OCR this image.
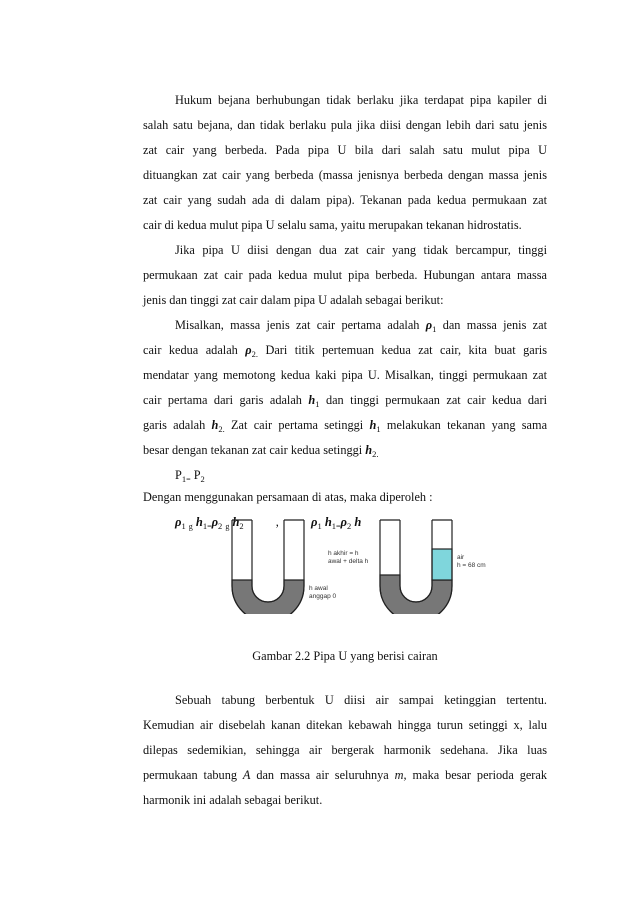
Hukum bejana berhubungan tidak berlaku jika terdapat pipa kapiler di
salah satu bejana, dan tidak berlaku pula jika diisi dengan lebih dari satu jenis
zat cair yang berbeda. Pada pipa U bila dari salah satu mulut pipa U
dituangkan zat cair yang berbeda (massa jenisnya berbeda dengan massa jenis
zat cair yang sudah ada di dalam pipa). Tekanan pada kedua permukaan zat
cair di kedua mulut pipa U selalu sama, yaitu merupakan tekanan hidrostatis.
Jika pipa U diisi dengan dua zat cair yang tidak bercampur, tinggi
permukaan zat cair pada kedua mulut pipa berbeda. Hubungan antara massa
jenis dan tinggi zat cair dalam pipa U adalah sebagai berikut:
Misalkan, massa jenis zat cair pertama adalah $\rho_1$ dan massa jenis zat
cair kedua adalah $\rho_{2.}$ Dari titik pertemuan kedua zat cair, kita buat garis
mendatar yang memotong kedua kaki pipa U. Misalkan, tinggi permukaan zat
cair pertama dari garis adalah $h_1$ dan tinggi permukaan zat cair kedua dari
garis adalah $h_{2.}$ Zat cair pertama setinggi $h_1$ melakukan tekanan yang sama
besar dengan tekanan zat cair kedua setinggi $h_{2.}$
$P_{1=}$ $P_2$
Dengan menggunakan persamaan di atas, maka diperoleh :
$\rho_1$ $_g$ $h_{1=}\rho_2$ $_g$ $h_2$	,	$\rho_1$ $h_{1=}\rho_2$ h
h awal
anggap 0
h akhir = h
awal + delta h
air
h = 68 cm
Gambar 2.2 Pipa U yang berisi cairan
Sebuah tabung berbentuk U diisi air sampai ketinggian tertentu.
Kemudian air disebelah kanan ditekan kebawah hingga turun setinggi x, lalu
dilepas sedemikian, sehingga air bergerak harmonik sedehana. Jika luas
permukaan tabung A dan massa air seluruhnya m, maka besar perioda gerak
harmonik ini adalah sebagai berikut.
